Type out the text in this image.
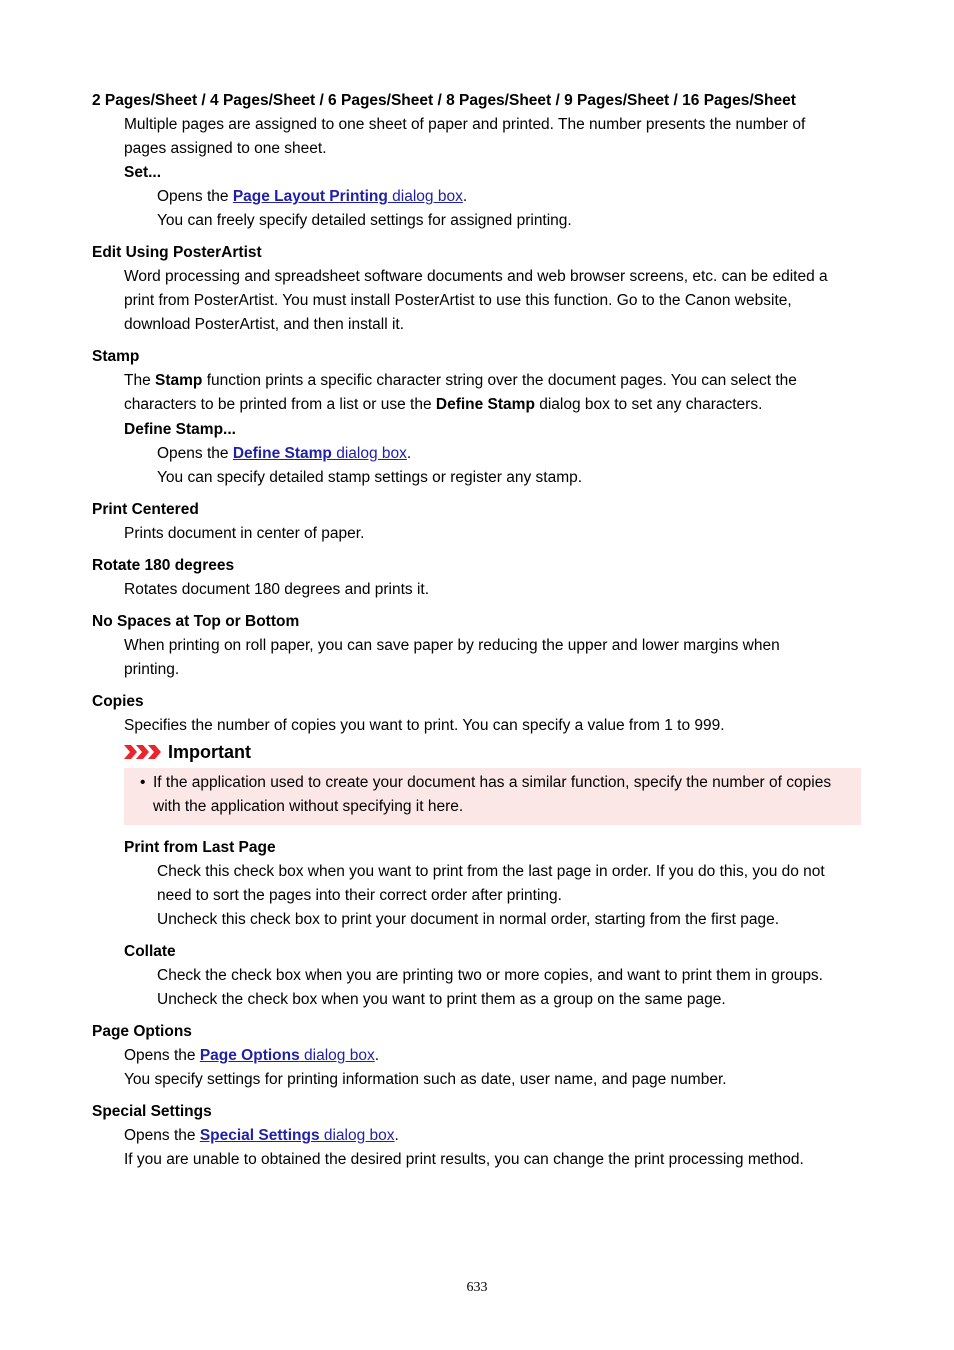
2 Pages/Sheet / 4 Pages/Sheet / 6 Pages/Sheet / 8 Pages/Sheet / 9 Pages/Sheet / 16 Pages/Sheet
Multiple pages are assigned to one sheet of paper and printed. The number presents the number of
pages assigned to one sheet.
Set...
Opens the Page Layout Printing dialog box.
You can freely specify detailed settings for assigned printing.
Edit Using PosterArtist
Word processing and spreadsheet software documents and web browser screens, etc. can be edited a
print from PosterArtist. You must install PosterArtist to use this function. Go to the Canon website,
download PosterArtist, and then install it.
Stamp
The Stamp function prints a specific character string over the document pages. You can select the
characters to be printed from a list or use the Define Stamp dialog box to set any characters.
Define Stamp...
Opens the Define Stamp dialog box.
You can specify detailed stamp settings or register any stamp.
Print Centered
Prints document in center of paper.
Rotate 180 degrees
Rotates document 180 degrees and prints it.
No Spaces at Top or Bottom
When printing on roll paper, you can save paper by reducing the upper and lower margins when
printing.
Copies
Specifies the number of copies you want to print. You can specify a value from 1 to 999.
Important
• If the application used to create your document has a similar function, specify the number of copies
with the application without specifying it here.
Print from Last Page
Check this check box when you want to print from the last page in order. If you do this, you do not
need to sort the pages into their correct order after printing.
Uncheck this check box to print your document in normal order, starting from the first page.
Collate
Check the check box when you are printing two or more copies, and want to print them in groups.
Uncheck the check box when you want to print them as a group on the same page.
Page Options
Opens the Page Options dialog box.
You specify settings for printing information such as date, user name, and page number.
Special Settings
Opens the Special Settings dialog box.
If you are unable to obtained the desired print results, you can change the print processing method.
633
